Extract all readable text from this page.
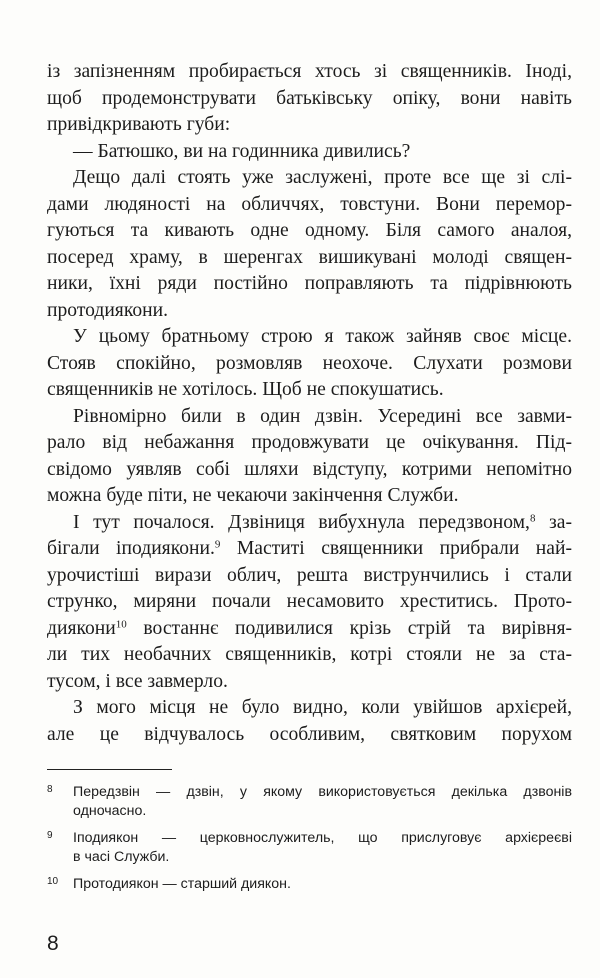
із запізненням пробирається хтось зі священників. Іноді,
щоб продемонструвати батьківську опіку, вони навіть
привідкривають губи:
— Батюшко, ви на годинника дивились?
Дещо далі стоять уже заслужені, проте все ще зі слі-
дами людяності на обличчях, товстуни. Вони перемор-
гуються та кивають одне одному. Біля самого аналоя,
посеред храму, в шеренгах вишикувані молоді священ-
ники, їхні ряди постійно поправляють та підрівнюють
протодиякони.
У цьому братньому строю я також зайняв своє місце.
Стояв спокійно, розмовляв неохоче. Слухати розмови
священників не хотілось. Щоб не спокушатись.
Рівномірно били в один дзвін. Усередині все завми-
рало від небажання продовжувати це очікування. Під-
свідомо уявляв собі шляхи відступу, котрими непомітно
можна буде піти, не чекаючи закінчення Служби.
І тут почалося. Дзвіниця вибухнула передзвоном,$^8$ за-
бігали іподиякони.$^9$ Маститі священники прибрали най-
урочистіші вирази облич, решта виструнчились і стали
струнко, миряни почали несамовито хреститись. Прото-
диякони$^{10}$ востаннє подивилися крізь стрій та вирівня-
ли тих необачних священників, котрі стояли не за ста-
тусом, і все завмерло.
З мого місця не було видно, коли увійшов архієрей,
але це відчувалось особливим, святковим порухом
8 Передзвін — дзвін, у якому використовується декілька дзвонів
одночасно.
9 Іподиякон — церковнослужитель, що прислуговує архієреєві
в часі Служби.
10 Протодиякон — старший диякон.
8
